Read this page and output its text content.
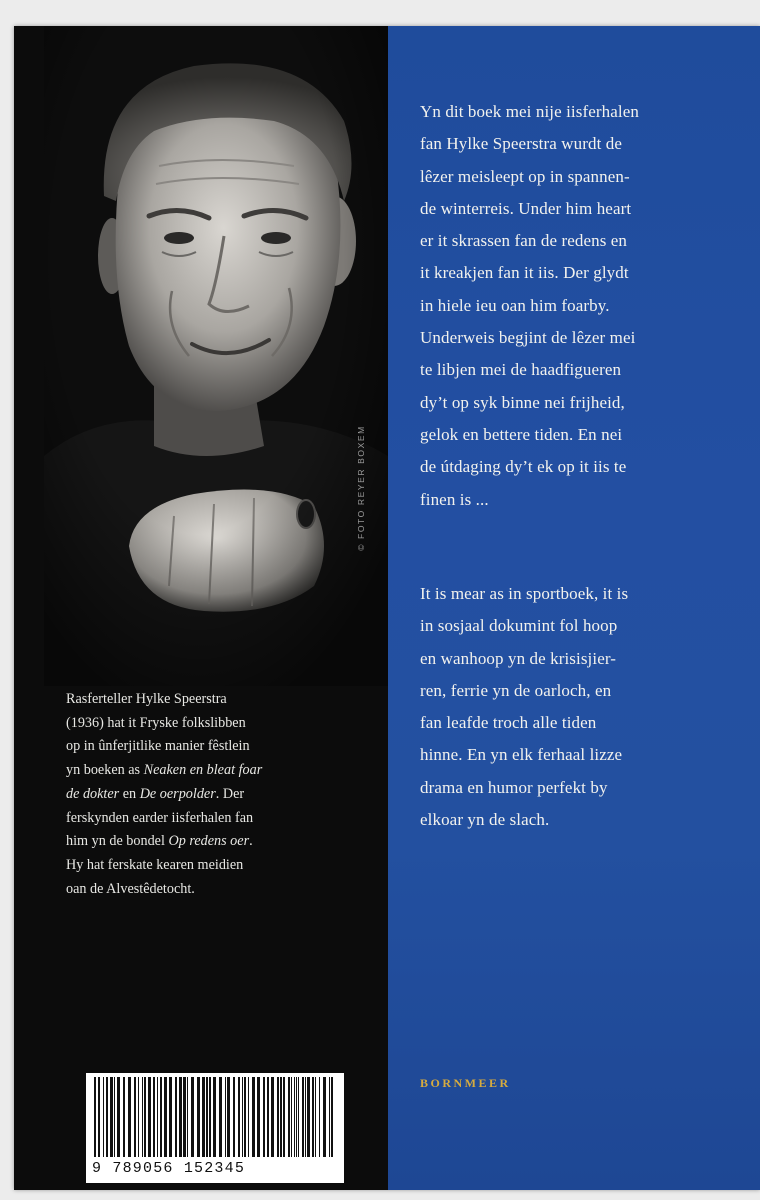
© FOTO REYER BOXEM

Rasferteller Hylke Speerstra
(1936) hat it Fryske folkslibben
op in ûnferjitlike manier fêstlein
yn boeken as Neaken en bleat foar
de dokter en De oerpolder. Der
ferskynden earder iisferhalen fan
him yn de bondel Op redens oer.
Hy hat ferskate kearen meidien
oan de Alvestêdetocht.

9 789056 152345

Yn dit boek mei nije iisferhalen
fan Hylke Speerstra wurdt de
lêzer meisleept op in spannen-
de winterreis. Under him heart
er it skrassen fan de redens en
it kreakjen fan it iis. Der glydt
in hiele ieu oan him foarby.
Underweis begjint de lêzer mei
te libjen mei de haadfigueren
dy’t op syk binne nei frijheid,
gelok en bettere tiden. En nei
de útdaging dy’t ek op it iis te
finen is ...

It is mear as in sportboek, it is
in sosjaal dokumint fol hoop
en wanhoop yn de krisisjier-
ren, ferrie yn de oarloch, en
fan leafde troch alle tiden
hinne. En yn elk ferhaal lizze
drama en humor perfekt by
elkoar yn de slach.

BORNMEER
